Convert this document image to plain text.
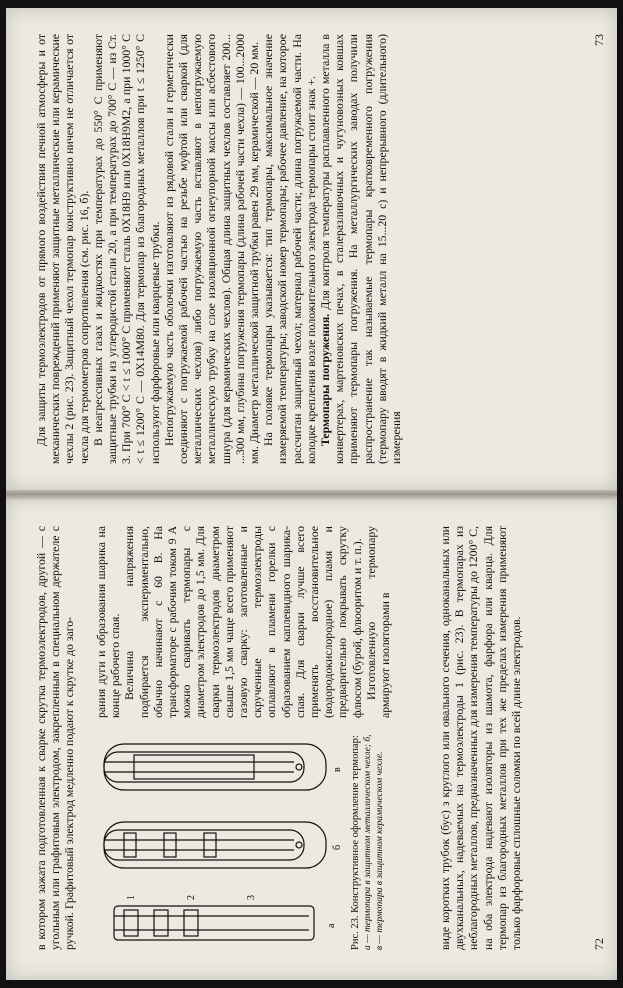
в котором зажата подготовленная к сварке скрутка термоэлектродов, другой — с угольным или графитовым электродом, закрепленным в специальном держателе с ручкой. Графитовый электрод медленно подают к скрутке до заго-	а
б
в
1	2	3	Рис. 23. Конструктивное оформление термопар: а — термопара в защитном металлическом чехле; б, в — термопара в защитном керамическом чехле.

рания дуги и образования шарика на конце рабочего спая. Величина напряжения подбирается экспериментально, обычно начинают с 60 В. На трансформаторе с рабочим током 9 А можно сваривать термопары с диаметром электродов до 1,5 мм. Для сварки термоэлектродов диаметром свыше 1,5 мм чаще всего применяют газовую сварку: заготовленные и скрученные термоэлектроды оплавляют в пламени горелки с образованием каплевидного шарика-спая. Для сварки лучше всего применять восстановительное (водородокислородное) пламя и предварительно покрывать скрутку флюсом (бурой, флюоритом и т. п.). Изготовленную термопару армируют изоляторами в	виде коротких трубок (бус) з круглого или овального сечения, одноканальных или двухканальных, надеваемых на термоэлектроды 1 (рис. 23). В термопарах из неблагородных металлов, предназначенных для измерения температуры до 1200° С, на оба электрода надевают изоляторы из шамота, фарфора или кварца. Для термопар из благородных металлов при тех же пределах измерения применяют только фарфоровые сплошные соломки по всей длине электродов.	72

Для защиты термоэлектродов от прямого воздействия печной атмосферы и от механических повреждений применяют защитные металлические или керамические чехлы 2 (рис. 23). Защитный чехол термопар конструктивно ничем не отличается от чехла для термометров сопротивления (см. рис. 16, б). В неагрессивных газах и жидкостях при температурах до 550° С применяют защитные трубки из углеродистой стали 20, а при температурах до 700° С — из Ст. 3. При 700° С < t ≤ 1000° С применяют сталь 0Х18Н9 или 0Х18Н9М2, а при 1000° С < t ≤ 1200° С — 0Х14М80. Для термопар из благородных металлов при t ≤ 1250° С используют фарфоровые или кварцевые трубки. Непогружаемую часть оболочки изготовляют из рядовой стали и герметически соединяют с погружаемой рабочей частью на резьбе муфтой или сваркой (для металлических чехлов) либо погружаемую часть вставляют в непогружаемую металлическую трубку на слое изоляционной огнеупорной массы или асбестового шнура (для керамических чехлов). Общая длина защитных чехлов составляет 200... ...300 мм, глубина погружения термопары (длина рабочей части чехла) — 100...2000 мм. Диаметр металлической защитной трубки равен 29 мм, керамической — 20 мм. На головке термопары указывается: тип термопары, максимальное значение измеряемой температуры; заводской номер термопары; рабочее давление, на которое рассчитан защитный чехол; материал рабочей части; длина погружаемой части. На колодке крепления возле положительного электрода термопары стоит знак +. Термопары погружения. Для контроля температуры расплавленного металла в конвертерах, мартеновских печах, в сталеразливочных и чугуновозных ковшах применяют термопары погружения. На металлургических заводах получили распространение так называемые термопары кратковременного погружения (термопару вводят в жидкий металл на 15...20 с) и непрерывного (длительного) измерения

73
